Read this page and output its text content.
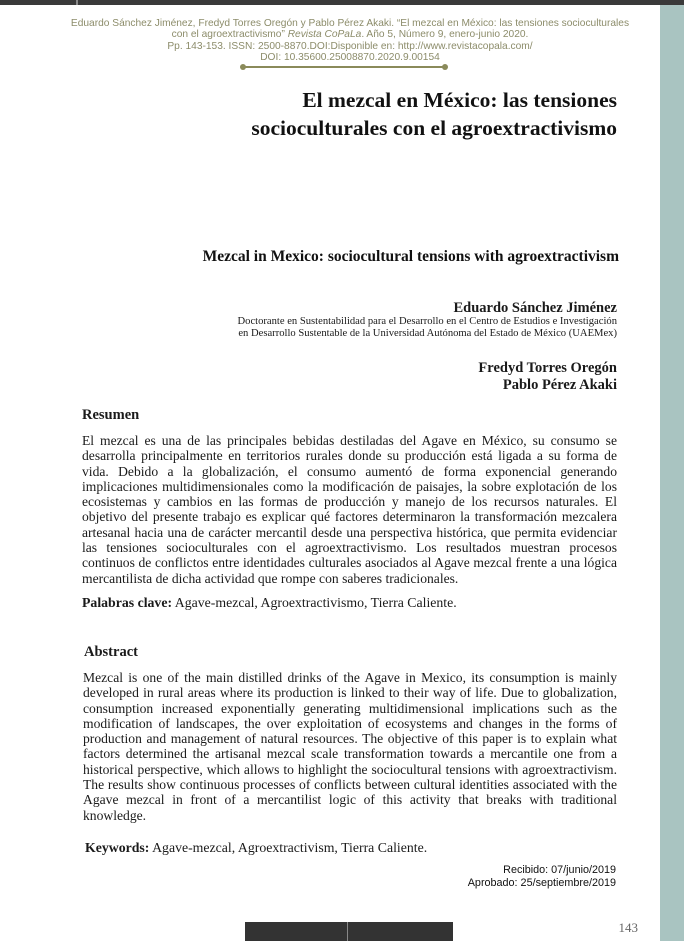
Eduardo Sánchez Jiménez, Fredyd Torres Oregón y Pablo Pérez Akaki. “El mezcal en México: las tensiones socioculturales con el agroextractivismo” Revista CoPaLa. Año 5, Número 9, enero-junio 2020.
Pp. 143-153. ISSN: 2500-8870.DOI:Disponible en: http://www.revistacopala.com/
DOI: 10.35600.25008870.2020.9.00154
El mezcal en México: las tensiones
socioculturales con el agroextractivismo
Mezcal in Mexico: sociocultural tensions with agroextractivism
Eduardo Sánchez Jiménez
Doctorante en Sustentabilidad para el Desarrollo en el Centro de Estudios e Investigación
en Desarrollo Sustentable de la Universidad Autónoma del Estado de México (UAEMex)
Fredyd Torres Oregón
Pablo Pérez Akaki
Resumen
El mezcal es una de las principales bebidas destiladas del Agave en México, su consumo se desarrolla principalmente en territorios rurales donde su producción está ligada a su forma de vida. Debido a la globalización, el consumo aumentó de forma exponencial generando implicaciones multidimensionales como la modificación de paisajes, la sobre explotación de los ecosistemas y cambios en las formas de producción y manejo de los recursos naturales. El objetivo del presente trabajo es explicar qué factores determinaron la transformación mezcalera artesanal hacia una de carácter mercantil desde una perspectiva histórica, que permita evidenciar las tensiones socioculturales con el agroextractivismo. Los resultados muestran procesos continuos de conflictos entre identidades culturales asociados al Agave mezcal frente a una lógica mercantilista de dicha actividad que rompe con saberes tradicionales.
Palabras clave: Agave-mezcal, Agroextractivismo, Tierra Caliente.
Abstract
Mezcal is one of the main distilled drinks of the Agave in Mexico, its consumption is mainly developed in rural areas where its production is linked to their way of life. Due to globalization, consumption increased exponentially generating multidimensional implications such as the modification of landscapes, the over exploitation of ecosystems and changes in the forms of production and management of natural resources. The objective of this paper is to explain what factors determined the artisanal mezcal scale transformation towards a mercantile one from a historical perspective, which allows to highlight the sociocultural tensions with agroextractivism. The results show continuous processes of conflicts between cultural identities associated with the Agave mezcal in front of a mercantilist logic of this activity that breaks with traditional knowledge.
Keywords: Agave-mezcal, Agroextractivism, Tierra Caliente.
Recibido: 07/junio/2019
Aprobado: 25/septiembre/2019
143
